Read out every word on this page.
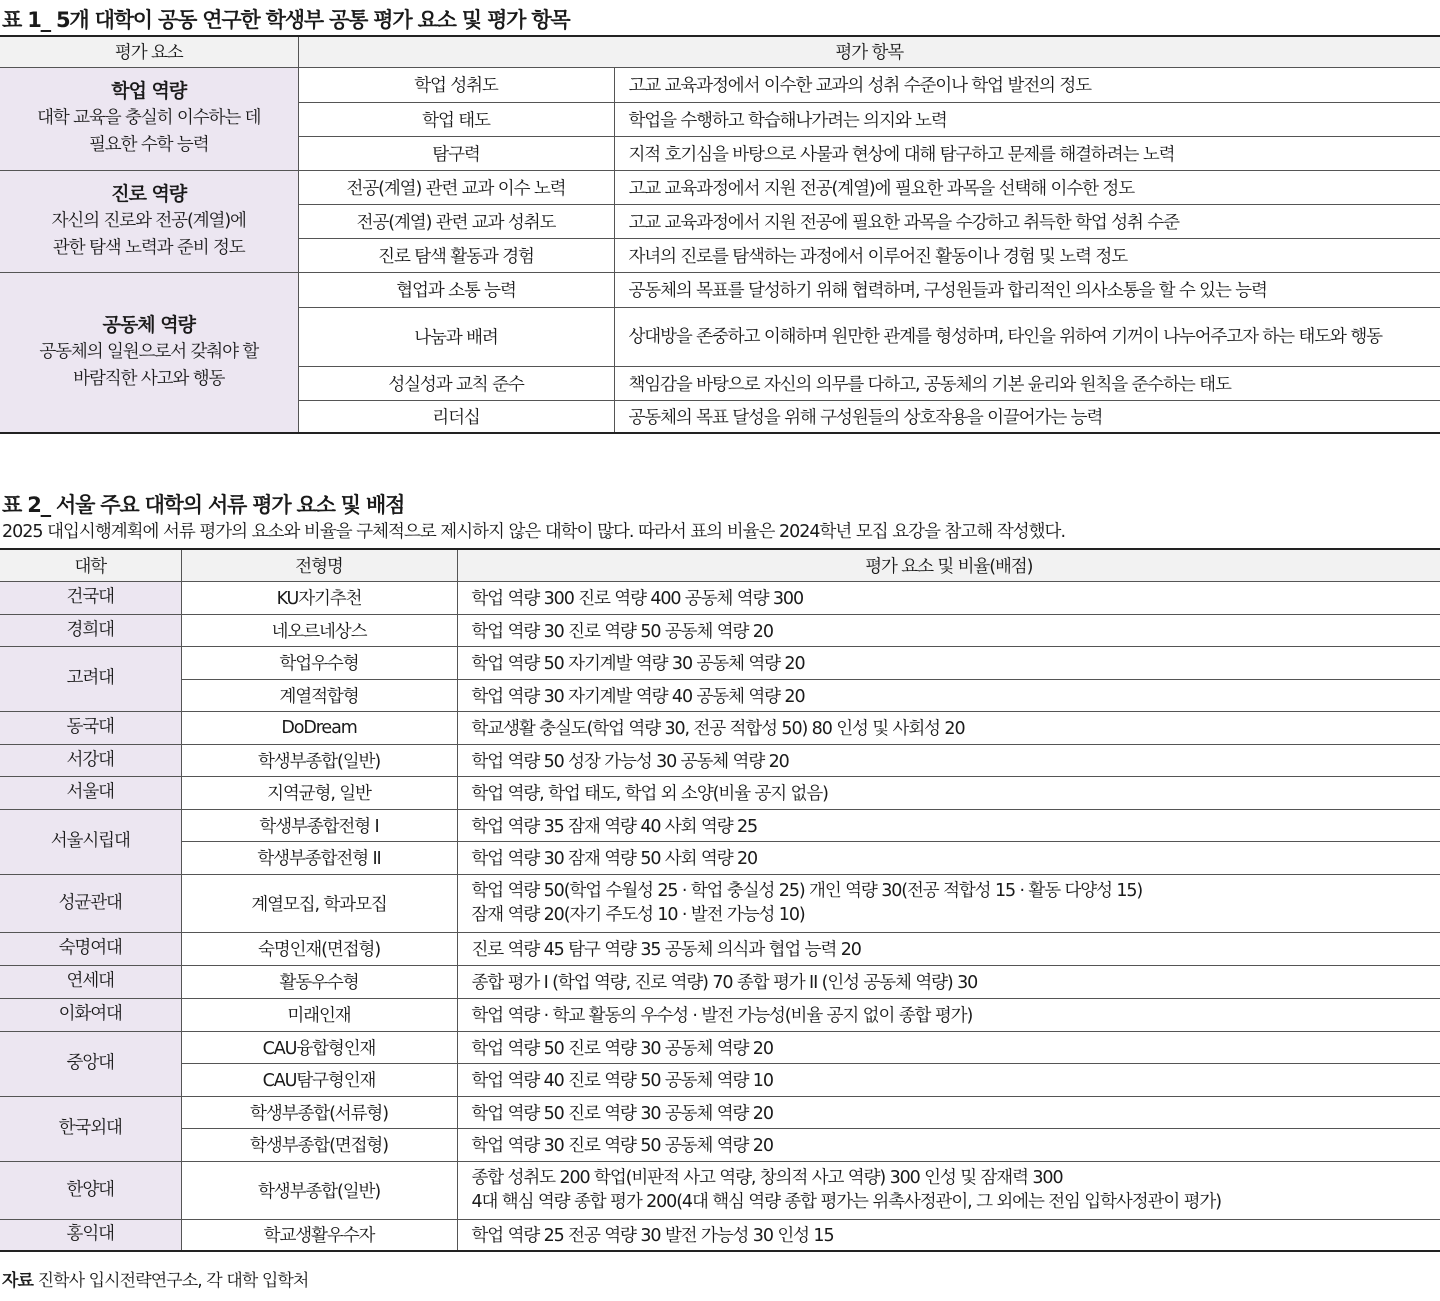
표 1_ 5개 대학이 공동 연구한 학생부 공통 평가 요소 및 평가 항목
평가 요소	평가 항목	

학업 역량
대학 교육을 충실히 이수하는 데
필요한 수학 능력	학업 성취도	고교 교육과정에서 이수한 교과의 성취 수준이나 학업 발전의 정도
	학업 태도	학업을 수행하고 학습해나가려는 의지와 노력
	탐구력	지적 호기심을 바탕으로 사물과 현상에 대해 탐구하고 문제를 해결하려는 노력

진로 역량
자신의 진로와 전공(계열)에
관한 탐색 노력과 준비 정도	전공(계열) 관련 교과 이수 노력	고교 교육과정에서 지원 전공(계열)에 필요한 과목을 선택해 이수한 정도
	전공(계열) 관련 교과 성취도	고교 교육과정에서 지원 전공에 필요한 과목을 수강하고 취득한 학업 성취 수준
	진로 탐색 활동과 경험	자녀의 진로를 탐색하는 과정에서 이루어진 활동이나 경험 및 노력 정도

공동체 역량
공동체의 일원으로서 갖춰야 할
바람직한 사고와 행동	협업과 소통 능력	공동체의 목표를 달성하기 위해 협력하며, 구성원들과 합리적인 의사소통을 할 수 있는 능력
	나눔과 배려	상대방을 존중하고 이해하며 원만한 관계를 형성하며, 타인을 위하여 기꺼이 나누어주고자 하는 태도와 행동
	성실성과 교칙 준수	책임감을 바탕으로 자신의 의무를 다하고, 공동체의 기본 윤리와 원칙을 준수하는 태도
	리더십	공동체의 목표 달성을 위해 구성원들의 상호작용을 이끌어가는 능력
표 2_ 서울 주요 대학의 서류 평가 요소 및 배점
2025 대입시행계획에 서류 평가의 요소와 비율을 구체적으로 제시하지 않은 대학이 많다. 따라서 표의 비율은 2024학년 모집 요강을 참고해 작성했다.
대학	전형명	평가 요소 및 비율(배점)
건국대	KU자기추천	학업 역량 300 진로 역량 400 공동체 역량 300
경희대	네오르네상스	학업 역량 30 진로 역량 50 공동체 역량 20
고려대	학업우수형	학업 역량 50 자기계발 역량 30 공동체 역량 20
	계열적합형	학업 역량 30 자기계발 역량 40 공동체 역량 20
동국대	DoDream	학교생활 충실도(학업 역량 30, 전공 적합성 50) 80 인성 및 사회성 20
서강대	학생부종합(일반)	학업 역량 50 성장 가능성 30 공동체 역량 20
서울대	지역균형, 일반	학업 역량, 학업 태도, 학업 외 소양(비율 공지 없음)
서울시립대	학생부종합전형 I	학업 역량 35 잠재 역량 40 사회 역량 25
	학생부종합전형 II	학업 역량 30 잠재 역량 50 사회 역량 20
성균관대	계열모집, 학과모집	학업 역량 50(학업 수월성 25 · 학업 충실성 25) 개인 역량 30(전공 적합성 15 · 활동 다양성 15)
잠재 역량 20(자기 주도성 10 · 발전 가능성 10)

숙명여대	숙명인재(면접형)	진로 역량 45 탐구 역량 35 공동체 의식과 협업 능력 20
연세대	활동우수형	종합 평가 I (학업 역량, 진로 역량) 70 종합 평가 II (인성 공동체 역량) 30
이화여대	미래인재	학업 역량 · 학교 활동의 우수성 · 발전 가능성(비율 공지 없이 종합 평가)
중앙대	CAU융합형인재	학업 역량 50 진로 역량 30 공동체 역량 20
	CAU탐구형인재	학업 역량 40 진로 역량 50 공동체 역량 10
한국외대	학생부종합(서류형)	학업 역량 50 진로 역량 30 공동체 역량 20
	학생부종합(면접형)	학업 역량 30 진로 역량 50 공동체 역량 20
한양대	학생부종합(일반)	종합 성취도 200 학업(비판적 사고 역량, 창의적 사고 역량) 300 인성 및 잠재력 300
4대 핵심 역량 종합 평가 200(4대 핵심 역량 종합 평가는 위촉사정관이, 그 외에는 전임 입학사정관이 평가)

홍익대	학교생활우수자	학업 역량 25 전공 역량 30 발전 가능성 30 인성 15
자료 진학사 입시전략연구소, 각 대학 입학처
